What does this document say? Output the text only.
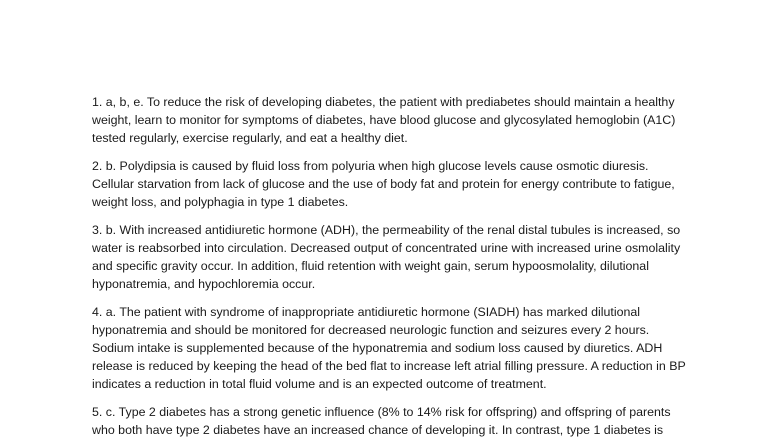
1. a, b, e. To reduce the risk of developing diabetes, the patient with prediabetes should maintain a healthy weight, learn to monitor for symptoms of diabetes, have blood glucose and glycosylated hemoglobin (A1C) tested regularly, exercise regularly, and eat a healthy diet.

2. b. Polydipsia is caused by fluid loss from polyuria when high glucose levels cause osmotic diuresis. Cellular starvation from lack of glucose and the use of body fat and protein for energy contribute to fatigue, weight loss, and polyphagia in type 1 diabetes.

3. b. With increased antidiuretic hormone (ADH), the permeability of the renal distal tubules is increased, so water is reabsorbed into circulation. Decreased output of concentrated urine with increased urine osmolality and specific gravity occur. In addition, fluid retention with weight gain, serum hypoosmolality, dilutional hyponatremia, and hypochloremia occur.

4. a. The patient with syndrome of inappropriate antidiuretic hormone (SIADH) has marked dilutional hyponatremia and should be monitored for decreased neurologic function and seizures every 2 hours. Sodium intake is supplemented because of the hyponatremia and sodium loss caused by diuretics. ADH release is reduced by keeping the head of the bed flat to increase left atrial filling pressure. A reduction in BP indicates a reduction in total fluid volume and is an expected outcome of treatment.

5. c. Type 2 diabetes has a strong genetic influence (8% to 14% risk for offspring) and offspring of parents who both have type 2 diabetes have an increased chance of developing it. In contrast, type 1 diabetes is
